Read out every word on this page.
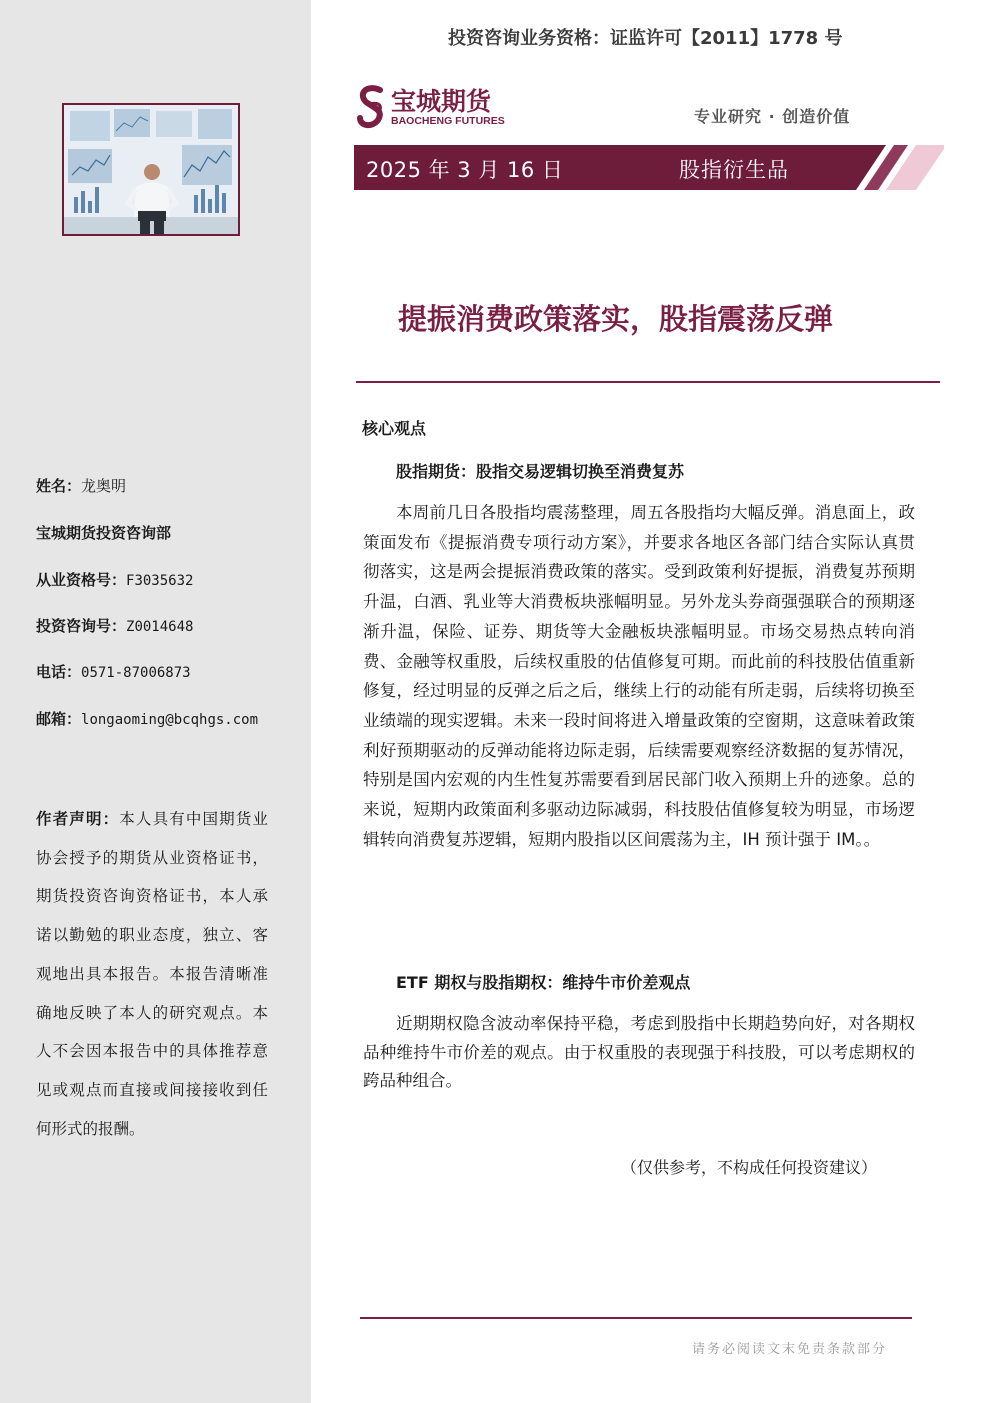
姓名：龙奥明
宝城期货投资咨询部
从业资格号：F3035632
投资咨询号：Z0014648
电话：0571-87006873
邮箱：longaoming@bcqhgs.com
作者声明：本人具有中国期货业协会授予的期货从业资格证书，期货投资咨询资格证书，本人承诺以勤勉的职业态度，独立、客观地出具本报告。本报告清晰准确地反映了本人的研究观点。本人不会因本报告中的具体推荐意见或观点而直接或间接接收到任何形式的报酬。
投资咨询业务资格：证监许可【2011】1778 号
宝城期货
BAOCHENG FUTURES	专业研究 · 创造价值
2025 年 3 月 16 日	股指衍生品
提振消费政策落实，股指震荡反弹
核心观点
股指期货：股指交易逻辑切换至消费复苏
本周前几日各股指均震荡整理，周五各股指均大幅反弹。消息面上，政策面发布《提振消费专项行动方案》，并要求各地区各部门结合实际认真贯彻落实，这是两会提振消费政策的落实。受到政策利好提振，消费复苏预期升温，白酒、乳业等大消费板块涨幅明显。另外龙头券商强强联合的预期逐渐升温，保险、证券、期货等大金融板块涨幅明显。市场交易热点转向消费、金融等权重股，后续权重股的估值修复可期。而此前的科技股估值重新修复，经过明显的反弹之后之后，继续上行的动能有所走弱，后续将切换至业绩端的现实逻辑。未来一段时间将进入增量政策的空窗期，这意味着政策利好预期驱动的反弹动能将边际走弱，后续需要观察经济数据的复苏情况，特别是国内宏观的内生性复苏需要看到居民部门收入预期上升的迹象。总的来说，短期内政策面利多驱动边际减弱，科技股估值修复较为明显，市场逻辑转向消费复苏逻辑，短期内股指以区间震荡为主，IH 预计强于 IM。。
ETF 期权与股指期权：维持牛市价差观点
近期期权隐含波动率保持平稳，考虑到股指中长期趋势向好，对各期权品种维持牛市价差的观点。由于权重股的表现强于科技股，可以考虑期权的跨品种组合。
（仅供参考，不构成任何投资建议）
请务必阅读文末免责条款部分
